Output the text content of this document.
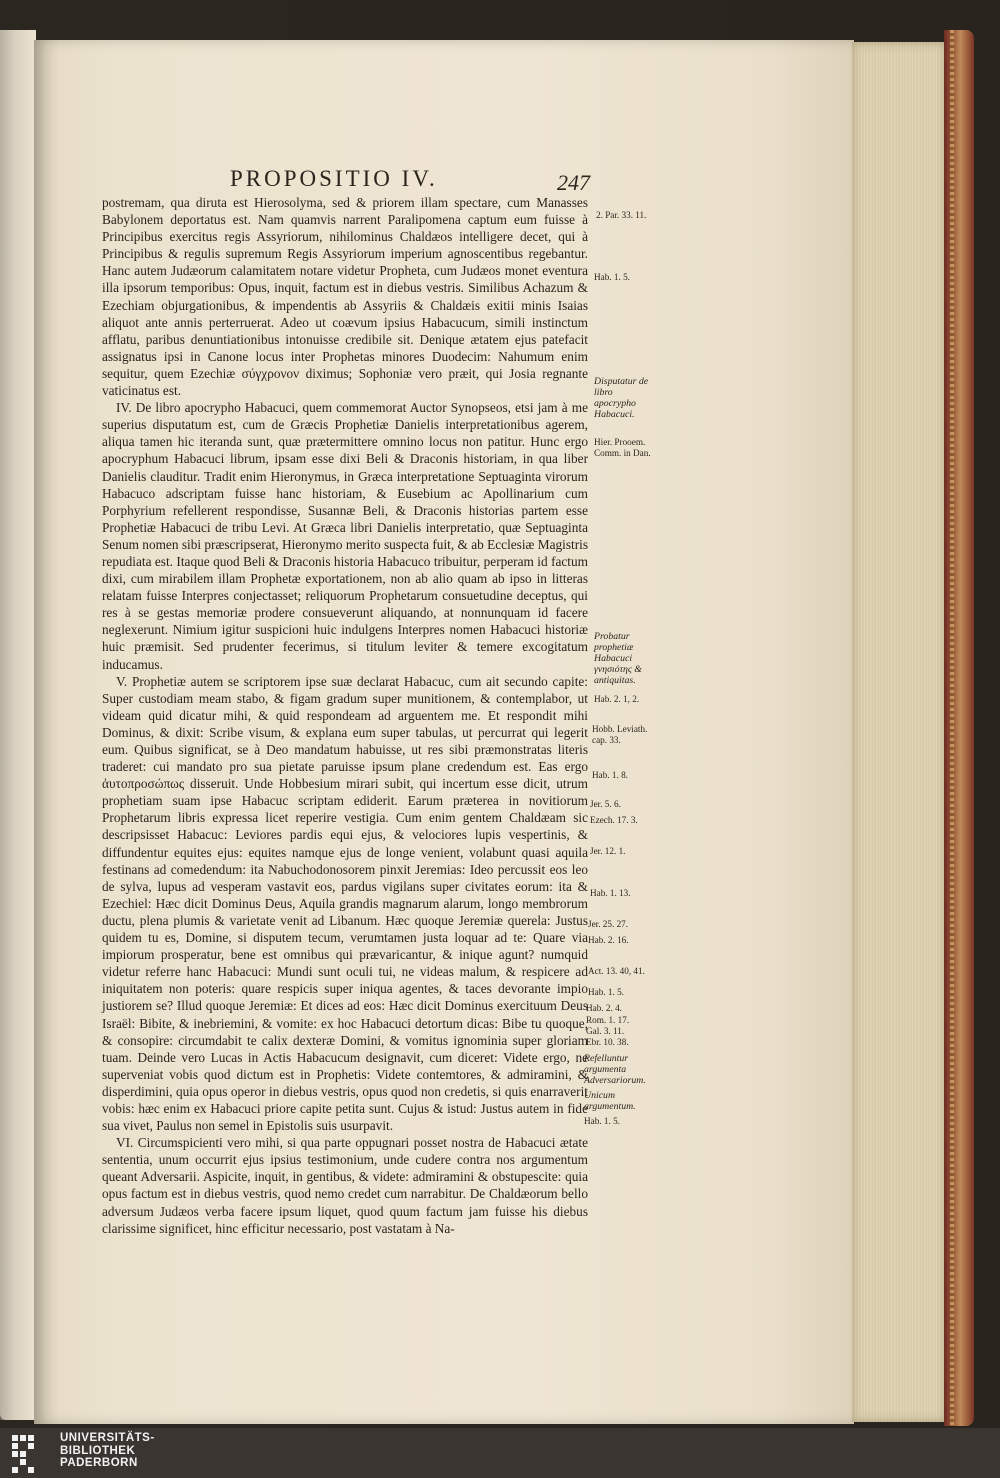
PROPOSITIO IV.	247

postremam, qua diruta est Hierosolyma, sed & priorem illam spectare, cum Manasses Babylonem deportatus est. Nam quamvis narrent Paralipomena captum eum fuisse à Principibus exercitus regis Assyriorum, nihilominus Chaldæos intelligere decet, qui à Principibus & regulis supremum Regis Assyriorum imperium agnoscentibus regebantur. Hanc autem Judæorum calamitatem notare videtur Propheta, cum Judæos monet eventura illa ipsorum temporibus: Opus, inquit, factum est in diebus vestris. Similibus Achazum & Ezechiam objurgationibus, & impendentis ab Assyriis & Chaldæis exitii minis Isaias aliquot ante annis perterruerat. Adeo ut coævum ipsius Habacucum, simili instinctum afflatu, paribus denuntiationibus intonuisse credibile sit. Denique ætatem ejus patefacit assignatus ipsi in Canone locus inter Prophetas minores Duodecim: Nahumum enim sequitur, quem Ezechiæ σύγχρονον diximus; Sophoniæ vero præit, qui Josia regnante vaticinatus est.

IV. De libro apocrypho Habacuci, quem commemorat Auctor Synopseos, etsi jam à me superius disputatum est, cum de Græcis Prophetiæ Danielis interpretationibus agerem, aliqua tamen hic iteranda sunt, quæ prætermittere omnino locus non patitur. Hunc ergo apocryphum Habacuci librum, ipsam esse dixi Beli & Draconis historiam, in qua liber Danielis clauditur. Tradit enim Hieronymus, in Græca interpretatione Septuaginta virorum Habacuco adscriptam fuisse hanc historiam, & Eusebium ac Apollinarium cum Porphyrium refellerent respondisse, Susannæ Beli, & Draconis historias partem esse Prophetiæ Habacuci de tribu Levi. At Græca libri Danielis interpretatio, quæ Septuaginta Senum nomen sibi præscripserat, Hieronymo merito suspecta fuit, & ab Ecclesiæ Magistris repudiata est. Itaque quod Beli & Draconis historia Habacuco tribuitur, perperam id factum dixi, cum mirabilem illam Prophetæ exportationem, non ab alio quam ab ipso in litteras relatam fuisse Interpres conjectasset; reliquorum Prophetarum consuetudine deceptus, qui res à se gestas memoriæ prodere consueverunt aliquando, at nonnunquam id facere neglexerunt. Nimium igitur suspicioni huic indulgens Interpres nomen Habacuci historiæ huic præmisit. Sed prudenter fecerimus, si titulum leviter & temere excogitatum inducamus.

V. Prophetiæ autem se scriptorem ipse suæ declarat Habacuc, cum ait secundo capite: Super custodiam meam stabo, & figam gradum super munitionem, & contemplabor, ut videam quid dicatur mihi, & quid respondeam ad arguentem me. Et respondit mihi Dominus, & dixit: Scribe visum, & explana eum super tabulas, ut percurrat qui legerit eum. Quibus significat, se à Deo mandatum habuisse, ut res sibi præmonstratas literis traderet: cui mandato pro sua pietate paruisse ipsum plane credendum est. Eas ergo ἀυτοπροσώπως disseruit. Unde Hobbesium mirari subit, qui incertum esse dicit, utrum prophetiam suam ipse Habacuc scriptam ediderit. Earum præterea in novitiorum Prophetarum libris expressa licet reperire vestigia. Cum enim gentem Chaldæam sic descripsisset Habacuc: Leviores pardis equi ejus, & velociores lupis vespertinis, & diffundentur equites ejus: equites namque ejus de longe venient, volabunt quasi aquila festinans ad comedendum: ita Nabuchodonosorem pinxit Jeremias: Ideo percussit eos leo de sylva, lupus ad vesperam vastavit eos, pardus vigilans super civitates eorum: ita & Ezechiel: Hæc dicit Dominus Deus, Aquila grandis magnarum alarum, longo membrorum ductu, plena plumis & varietate venit ad Libanum. Hæc quoque Jeremiæ querela: Justus quidem tu es, Domine, si disputem tecum, verumtamen justa loquar ad te: Quare via impiorum prosperatur, bene est omnibus qui prævaricantur, & inique agunt? numquid videtur referre hanc Habacuci: Mundi sunt oculi tui, ne videas malum, & respicere ad iniquitatem non poteris: quare respicis super iniqua agentes, & taces devorante impio justiorem se? Illud quoque Jeremiæ: Et dices ad eos: Hæc dicit Dominus exercituum Deus Israël: Bibite, & inebriemini, & vomite: ex hoc Habacuci detortum dicas: Bibe tu quoque, & consopire: circumdabit te calix dexteræ Domini, & vomitus ignominia super gloriam tuam. Deinde vero Lucas in Actis Habacucum designavit, cum diceret: Videte ergo, ne superveniat vobis quod dictum est in Prophetis: Videte contemtores, & admiramini, & disperdimini, quia opus operor in diebus vestris, opus quod non credetis, si quis enarraverit vobis: hæc enim ex Habacuci priore capite petita sunt. Cujus & istud: Justus autem in fide sua vivet, Paulus non semel in Epistolis suis usurpavit.

VI. Circumspicienti vero mihi, si qua parte oppugnari posset nostra de Habacuci ætate sententia, unum occurrit ejus ipsius testimonium, unde cudere contra nos argumentum queant Adversarii. Aspicite, inquit, in gentibus, & videte: admiramini & obstupescite: quia opus factum est in diebus vestris, quod nemo credet cum narrabitur. De Chaldæorum bello adversum Judæos verba facere ipsum liquet, quod quum factum jam fuisse his diebus clarissime significet, hinc efficitur necessario, post vastatam à Na-

2. Par. 33. 11.
Hab. 1. 5.
Disputatur de libro apocrypho Habacuci.
Hier. Prooem. Comm. in Dan.
Probatur prophetiæ Habacuci γνησιότης & antiquitas.
Hab. 2. 1, 2.
Hobb. Leviath. cap. 33.
Hab. 1. 8.
Jer. 5. 6.
Ezech. 17. 3.
Jer. 12. 1.
Hab. 1. 13.
Jer. 25. 27.
Hab. 2. 16.
Act. 13. 40, 41.
Hab. 1. 5.
Hab. 2. 4.
Rom. 1. 17.
Gal. 3. 11.
Ebr. 10. 38.
Refelluntur argumenta Adversariorum.
Unicum argumentum.
Hab. 1. 5.
UNIVERSITÄTS-
BIBLIOTHEK
PADERBORN
